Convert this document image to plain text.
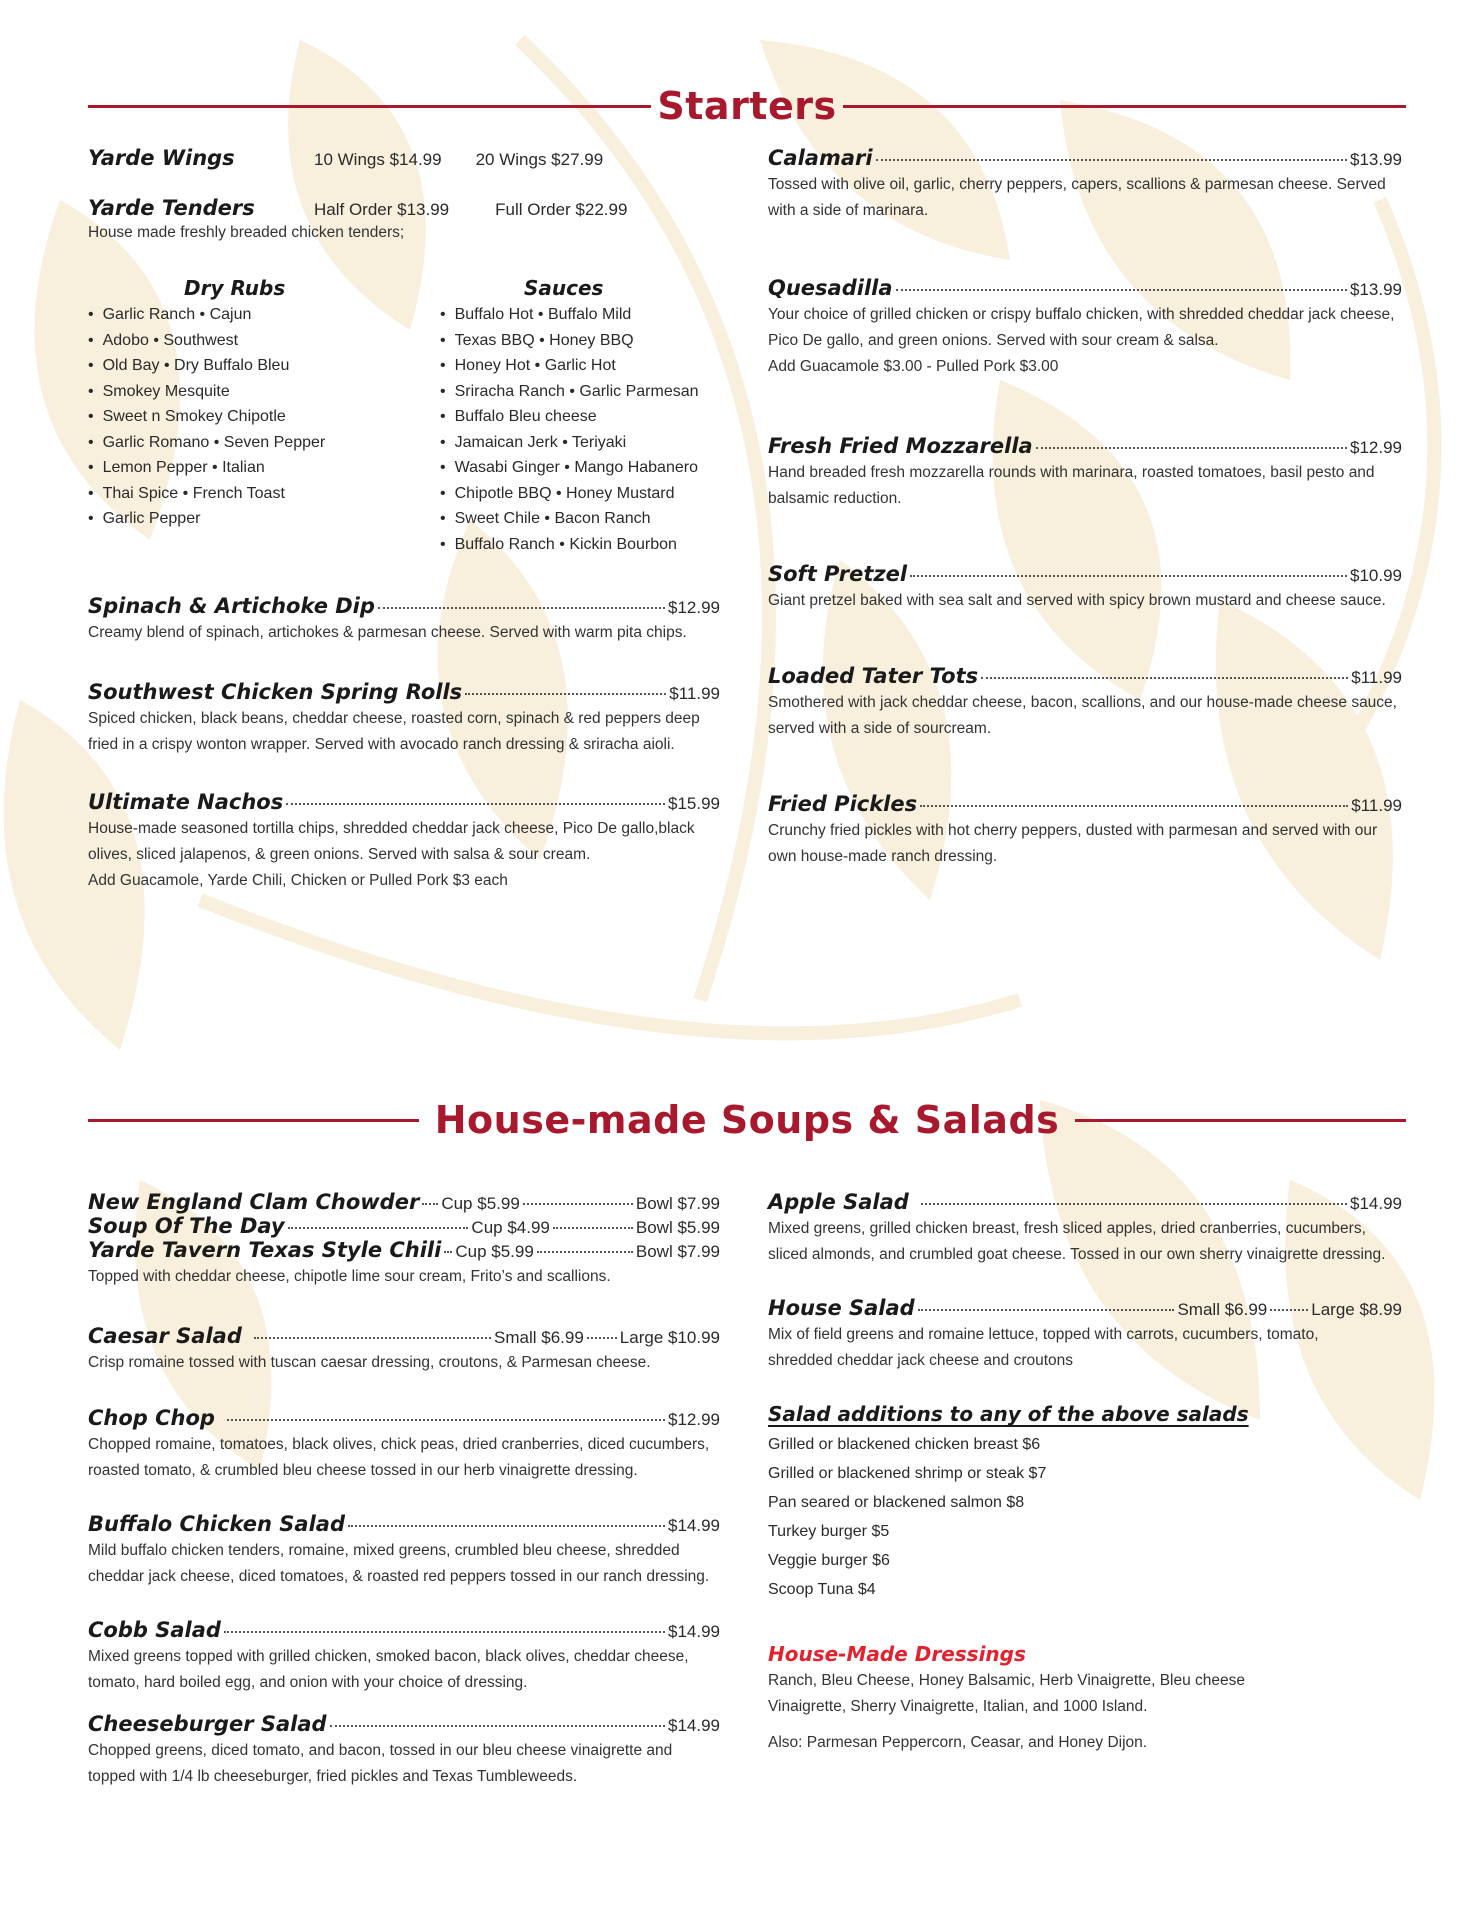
Starters
Yarde Wings	10 Wings $14.99 20 Wings $27.99
Yarde Tenders	Half Order $13.99	Full Order $22.99
House made freshly breaded chicken tenders;
Dry Rubs
• Garlic Ranch • Cajun
• Adobo • Southwest
• Old Bay • Dry Buffalo Bleu
• Smokey Mesquite
• Sweet n Smokey Chipotle
• Garlic Romano • Seven Pepper
• Lemon Pepper • Italian
• Thai Spice • French Toast
• Garlic Pepper
Sauces
• Buffalo Hot • Buffalo Mild
• Texas BBQ • Honey BBQ
• Honey Hot • Garlic Hot
• Sriracha Ranch • Garlic Parmesan
• Buffalo Bleu cheese
• Jamaican Jerk • Teriyaki
• Wasabi Ginger • Mango Habanero
• Chipotle BBQ • Honey Mustard
• Sweet Chile • Bacon Ranch
• Buffalo Ranch • Kickin Bourbon
Spinach & Artichoke Dip	$12.99
Creamy blend of spinach, artichokes & parmesan cheese. Served with warm pita chips.
Southwest Chicken Spring Rolls	$11.99
Spiced chicken, black beans, cheddar cheese, roasted corn, spinach & red peppers deep fried in a crispy wonton wrapper. Served with avocado ranch dressing & sriracha aioli.
Ultimate Nachos	$15.99
House-made seasoned tortilla chips, shredded cheddar jack cheese, Pico De gallo,black olives, sliced jalapenos, & green onions. Served with salsa & sour cream.
Add Guacamole, Yarde Chili, Chicken or Pulled Pork $3 each
Calamari	$13.99
Tossed with olive oil, garlic, cherry peppers, capers, scallions & parmesan cheese. Served with a side of marinara.
Quesadilla	$13.99
Your choice of grilled chicken or crispy buffalo chicken, with shredded cheddar jack cheese, Pico De gallo, and green onions. Served with sour cream & salsa.
Add Guacamole $3.00 - Pulled Pork $3.00
Fresh Fried Mozzarella	$12.99
Hand breaded fresh mozzarella rounds with marinara, roasted tomatoes, basil pesto and balsamic reduction.
Soft Pretzel	$10.99
Giant pretzel baked with sea salt and served with spicy brown mustard and cheese sauce.
Loaded Tater Tots	$11.99
Smothered with jack cheddar cheese, bacon, scallions, and our house-made cheese sauce, served with a side of sourcream.
Fried Pickles	$11.99
Crunchy fried pickles with hot cherry peppers, dusted with parmesan and served with our own house-made ranch dressing.
House-made Soups & Salads
New England Clam Chowder Cup $5.99	Bowl $7.99
Soup Of The Day	Cup $4.99	Bowl $5.99
Yarde Tavern Texas Style Chili Cup $5.99	Bowl $7.99
Topped with cheddar cheese, chipotle lime sour cream, Frito’s and scallions.
Caesar Salad	Small $6.99 Large $10.99
Crisp romaine tossed with tuscan caesar dressing, croutons, & Parmesan cheese.
Chop Chop	$12.99
Chopped romaine, tomatoes, black olives, chick peas, dried cranberries, diced cucumbers, roasted tomato, & crumbled bleu cheese tossed in our herb vinaigrette dressing.
Buffalo Chicken Salad	$14.99
Mild buffalo chicken tenders, romaine, mixed greens, crumbled bleu cheese, shredded cheddar jack cheese, diced tomatoes, & roasted red peppers tossed in our ranch dressing.
Cobb Salad	$14.99
Mixed greens topped with grilled chicken, smoked bacon, black olives, cheddar cheese, tomato, hard boiled egg, and onion with your choice of dressing.
Cheeseburger Salad	$14.99
Chopped greens, diced tomato, and bacon, tossed in our bleu cheese vinaigrette and topped with 1/4 lb cheeseburger, fried pickles and Texas Tumbleweeds.
Apple Salad	$14.99
Mixed greens, grilled chicken breast, fresh sliced apples, dried cranberries, cucumbers, sliced almonds, and crumbled goat cheese. Tossed in our own sherry vinaigrette dressing.
House Salad	Small $6.99	Large $8.99
Mix of field greens and romaine lettuce, topped with carrots, cucumbers, tomato, shredded cheddar jack cheese and croutons
Salad additions to any of the above salads
Grilled or blackened chicken breast $6
Grilled or blackened shrimp or steak $7
Pan seared or blackened salmon $8
Turkey burger $5
Veggie burger $6
Scoop Tuna $4
House-Made Dressings
Ranch, Bleu Cheese, Honey Balsamic, Herb Vinaigrette, Bleu cheese Vinaigrette, Sherry Vinaigrette, Italian, and 1000 Island.
Also: Parmesan Peppercorn, Ceasar, and Honey Dijon.
